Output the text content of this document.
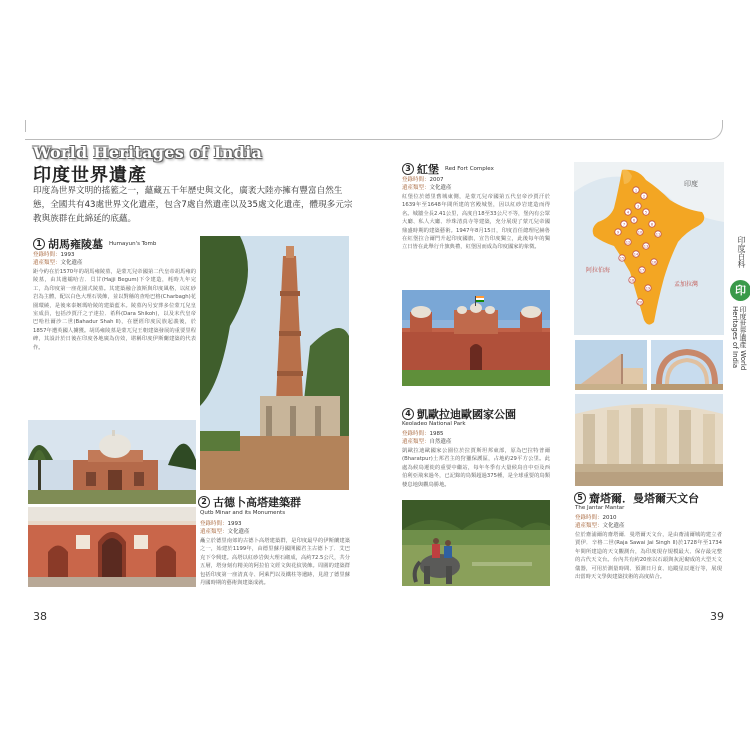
World Heritages of India
印度世界遺產
印度為世界文明的搖籃之一，蘊藏五千年歷史與文化，廣袤大陸亦擁有豐富自然生態，全國共有43處世界文化遺產，包含7處自然遺產以及35處文化遺產，體現多元宗教與族群在此綿延的底蘊。
1 胡馬雍陵墓 Humayun's Tomb
登錄時間：1993
遺產類型：文化遺產
距今約在於1570年的胡馬雍陵墓，是蒙兀兒帝國第二代皇帝胡馬雍的陵墓，由其遺孀哈吉．貝甘(Hajji Begum)下令建造，耗時九年完工，為印度第一座花園式陵墓。其建築融合波斯與印度風格，以紅砂岩為主體，配以白色大理石裝飾，並以對稱的查哈巴格(Charbagh)花園環繞，是後來泰姬瑪哈陵的建築藍本。陵墓內另安葬多位蒙兀兒皇室成員，包括沙賈汗之子達拉．希科(Dara Shikoh)，以及末代皇帝巴哈杜爾沙二世(Bahadur Shah II)，在歷經印度民族起義後，於1857年遭英國人擄獲。胡馬雍陵墓是蒙兀兒王朝建築發展的重要里程碑，其設計於日後在印度各地廣為仿效，堪稱印度伊斯蘭建築的代表作。
2 古德卜高塔建築群
Qutb Minar and its Monuments
登錄時間：1993
遺產類型：文化遺產
矗立於德里南郊的古德卜高塔建築群，是印度最早的伊斯蘭建築之一，始建於1199年，由德里蘇丹國開國君主古德卜丁．艾巴克下令興建。高塔以紅砂岩與大理石砌成，高約72.5公尺，共分五層，塔身刻有精美的阿拉伯文經文與花紋裝飾。周圍的建築群包括印度第一座清真寺、阿萊門以及鐵柱等遺跡，見證了德里蘇丹國時期的藝術與建築成就。
38
3 紅堡 Red Fort Complex
登錄時間：2007
遺產類型：文化遺產
紅堡位於德里舊城東側，是蒙兀兒帝國第五代皇帝沙賈汗於1639年至1648年間所建的宮殿城堡，因以紅砂岩建造而得名。城牆全長2.41公里，高度自18至33公尺不等，堡內有公眾大廳、私人大廳、珍珠清真寺等建築，充分展現了蒙兀兒帝國鼎盛時期的建築藝術。1947年8月15日，印度首任總理尼赫魯在紅堡拉合爾門升起印度國旗，宣告印度獨立，此後每年的獨立日皆在此舉行升旗典禮，紅堡因而成為印度國家的象徵。
4 凱歐拉迪歐國家公園
Keoladeo National Park
登錄時間：1985
遺產類型：自然遺產
凱歐拉迪歐國家公園位於拉賈斯坦邦東部，原為巴拉特普爾(Bharatpur)土邦君主的狩獵保護區，占地約29平方公里。此處為候鳥遷徙的重要中繼站，每年冬季有大量候鳥自中亞及西伯利亞飛來過冬，已記錄的鳥類超過375種，是全球重要的鳥類棲息地與觀鳥勝地。
印度
阿拉伯海
孟加拉灣
1
2
3
4	5
6
7	8
9	10	11
12
13
14
15
16
17
18
19
20
5 齋塔爾．曼塔爾天文台
The Jantar Mantar
登錄時間：2010
遺產類型：文化遺產
位於齋浦爾的齋塔爾．曼塔爾天文台，是由齋浦爾城的建立者賈伊．辛格二世(Raja Sawai Jai Singh II)於1728年至1734年間所建造的天文觀測台，為印度現存規模最大、保存最完整的古代天文台。台內共有約20座以石頭與灰泥砌成的大型天文儀器，可用於測量時間、預測日月食、追蹤星辰運行等，展現出當時天文學與建築技術的高度結合。
39
印度百科
印
印度世界遺產 World Heritages of India
